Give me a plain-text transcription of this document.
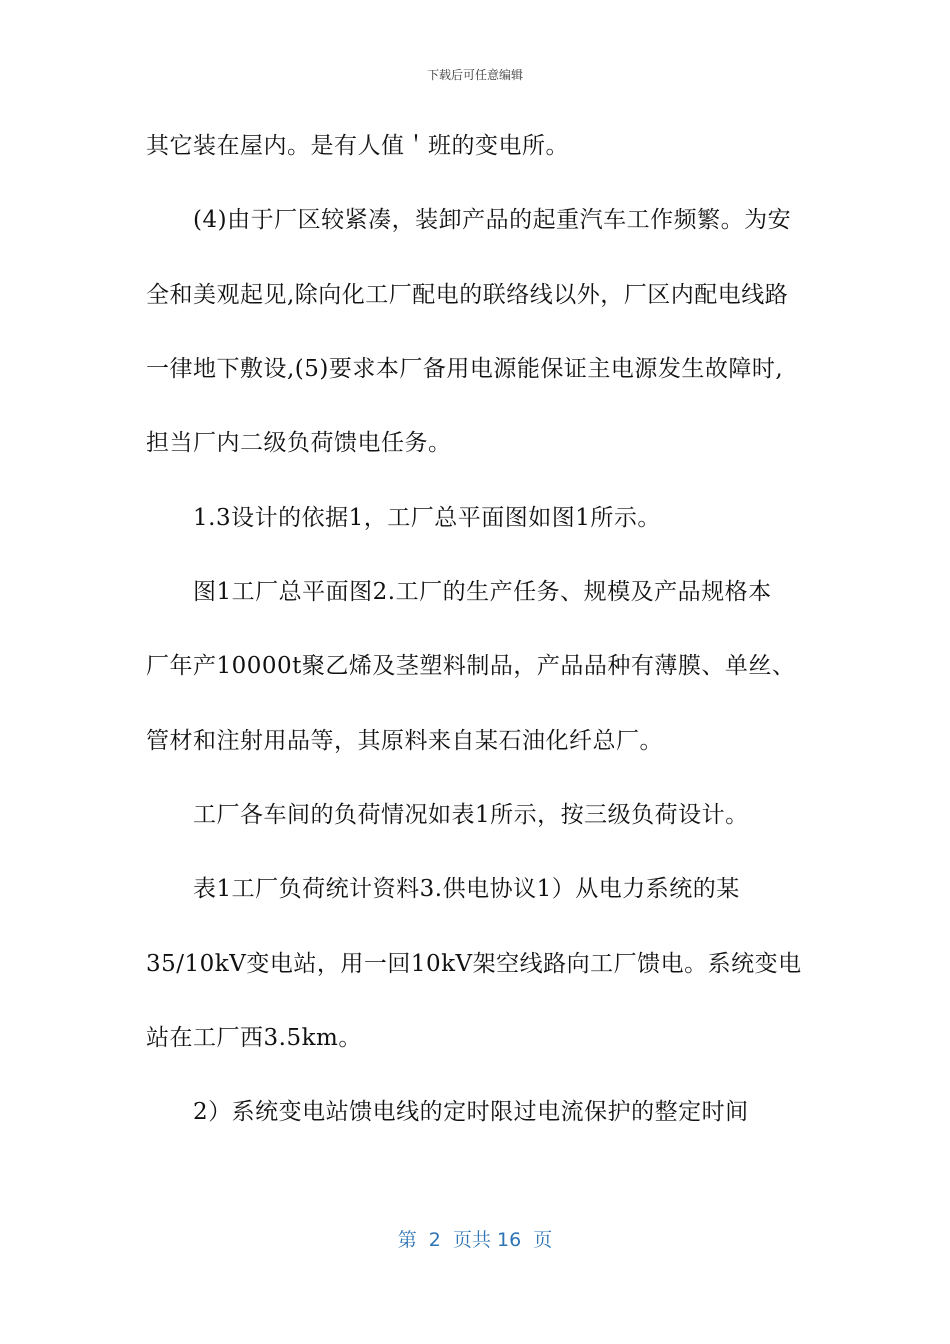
下载后可任意编辑
其它装在屋内。是有人值＇班的变电所。
　　(4)由于厂区较紧凑，装卸产品的起重汽车工作频繁。为安
全和美观起见,除向化工厂配电的联络线以外，厂区内配电线路
一律地下敷设,(5)要求本厂备用电源能保证主电源发生故障时,
担当厂内二级负荷馈电任务。
　　1.3设计的依据1，工厂总平面图如图1所示。
　　图1工厂总平面图2.工厂的生产任务、规模及产品规格本
厂年产10000t聚乙烯及茎塑料制品，产品品种有薄膜、单丝、
管材和注射用品等，其原料来自某石油化纤总厂。
　　工厂各车间的负荷情况如表1所示，按三级负荷设计。
　　表1工厂负荷统计资料3.供电协议1）从电力系统的某
35/10kV变电站，用一回10kV架空线路向工厂馈电。系统变电
站在工厂西3.5km。
　　2）系统变电站馈电线的定时限过电流保护的整定时间
第  2  页共 16  页
